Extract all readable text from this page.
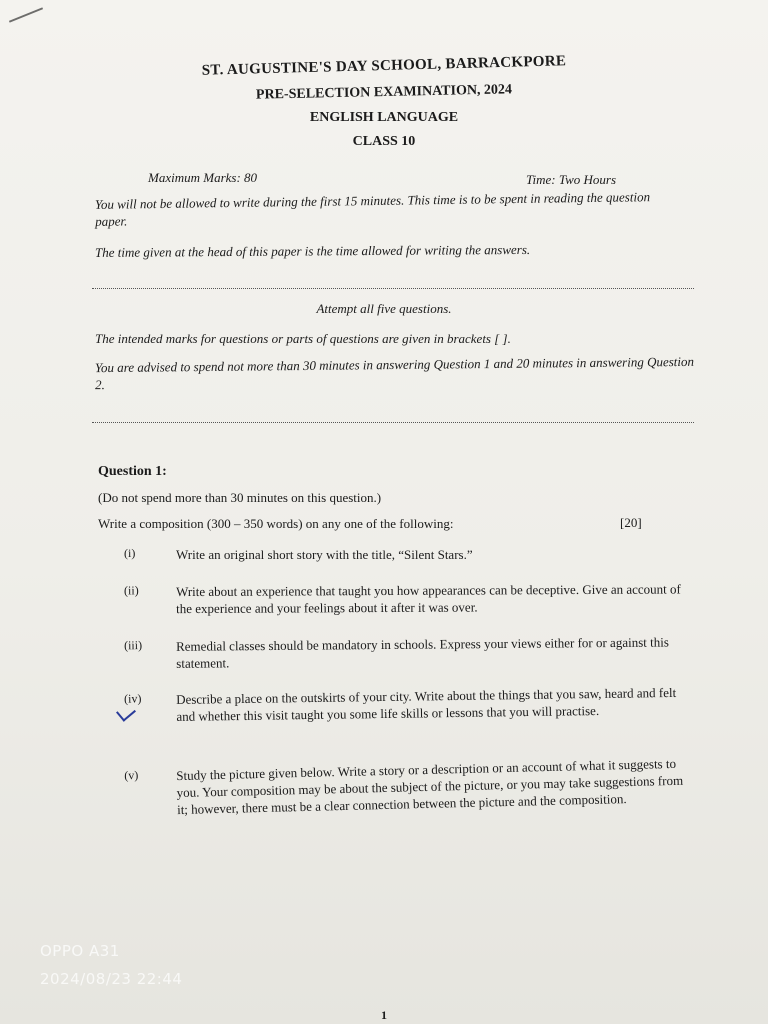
ST. AUGUSTINE'S DAY SCHOOL, BARRACKPORE
PRE-SELECTION EXAMINATION, 2024
ENGLISH LANGUAGE
CLASS 10
Maximum Marks: 80	Time: Two Hours
You will not be allowed to write during the first 15 minutes. This time is to be spent in reading the question paper.
The time given at the head of this paper is the time allowed for writing the answers.
Attempt all five questions.
The intended marks for questions or parts of questions are given in brackets [ ].
You are advised to spend not more than 30 minutes in answering Question 1 and 20 minutes in answering Question 2.
Question 1:
(Do not spend more than 30 minutes on this question.)
Write a composition (300 – 350 words) on any one of the following:	[20]
(i)	Write an original short story with the title, “Silent Stars.”
(ii)	Write about an experience that taught you how appearances can be deceptive. Give an account of the experience and your feelings about it after it was over.
(iii)	Remedial classes should be mandatory in schools. Express your views either for or against this statement.
(iv)	Describe a place on the outskirts of your city. Write about the things that you saw, heard and felt and whether this visit taught you some life skills or lessons that you will practise.
(v)	Study the picture given below. Write a story or a description or an account of what it suggests to you. Your composition may be about the subject of the picture, or you may take suggestions from it; however, there must be a clear connection between the picture and the composition.
OPPO A31
2024/08/23 22:44
1
